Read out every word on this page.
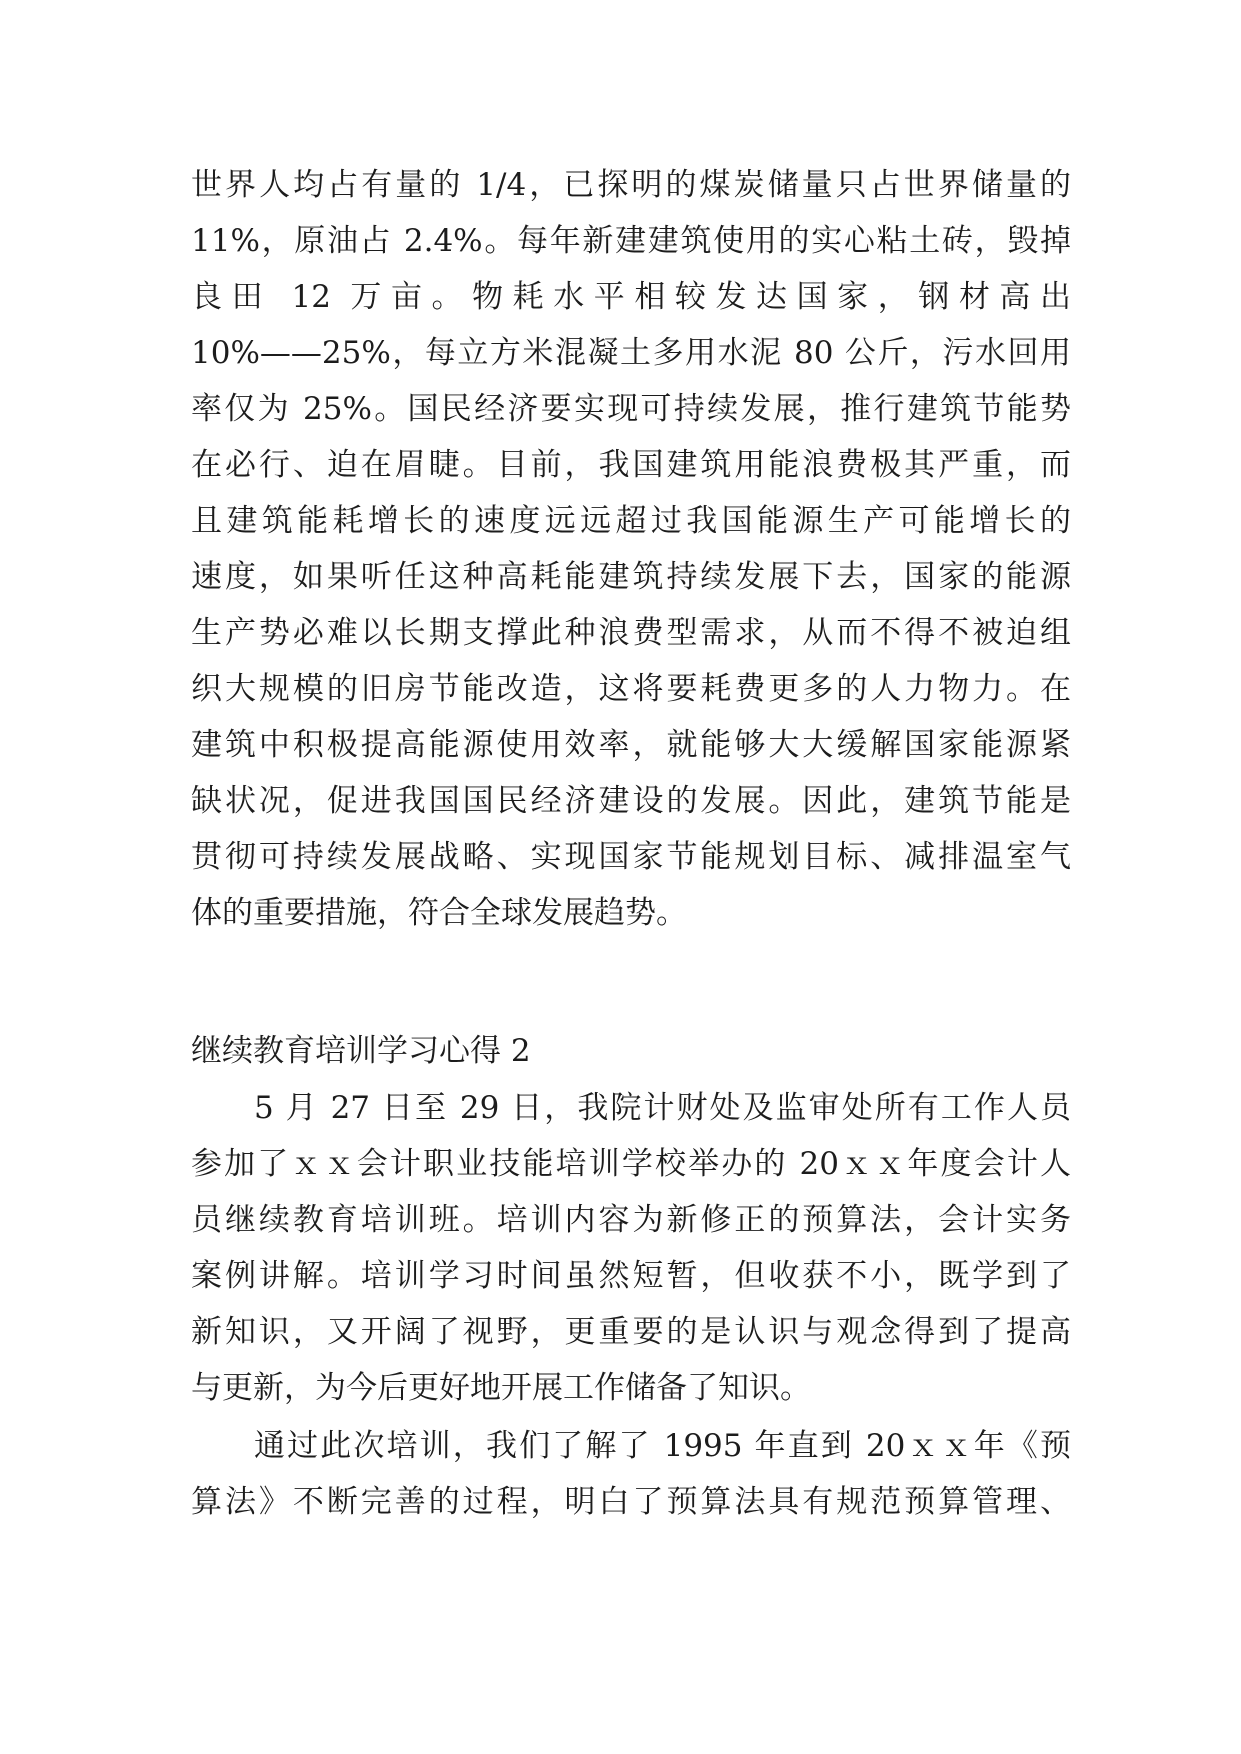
世界人均占有量的 1/4，已探明的煤炭储量只占世界储量的
11%，原油占 2.4%。每年新建建筑使用的实心粘土砖，毁掉
良田 12 万亩。物耗水平相较发达国家，钢材高出
10%——25%，每立方米混凝土多用水泥 80 公斤，污水回用
率仅为 25%。国民经济要实现可持续发展，推行建筑节能势
在必行、迫在眉睫。目前，我国建筑用能浪费极其严重，而
且建筑能耗增长的速度远远超过我国能源生产可能增长的
速度，如果听任这种高耗能建筑持续发展下去，国家的能源
生产势必难以长期支撑此种浪费型需求，从而不得不被迫组
织大规模的旧房节能改造，这将要耗费更多的人力物力。在
建筑中积极提高能源使用效率，就能够大大缓解国家能源紧
缺状况，促进我国国民经济建设的发展。因此，建筑节能是
贯彻可持续发展战略、实现国家节能规划目标、减排温室气
体的重要措施，符合全球发展趋势。
继续教育培训学习心得 2
5 月 27 日至 29 日，我院计财处及监审处所有工作人员
参加了ｘｘ会计职业技能培训学校举办的 20ｘｘ年度会计人
员继续教育培训班。培训内容为新修正的预算法，会计实务
案例讲解。培训学习时间虽然短暂，但收获不小，既学到了
新知识，又开阔了视野，更重要的是认识与观念得到了提高
与更新，为今后更好地开展工作储备了知识。
通过此次培训，我们了解了 1995 年直到 20ｘｘ年《预
算法》不断完善的过程，明白了预算法具有规范预算管理、
